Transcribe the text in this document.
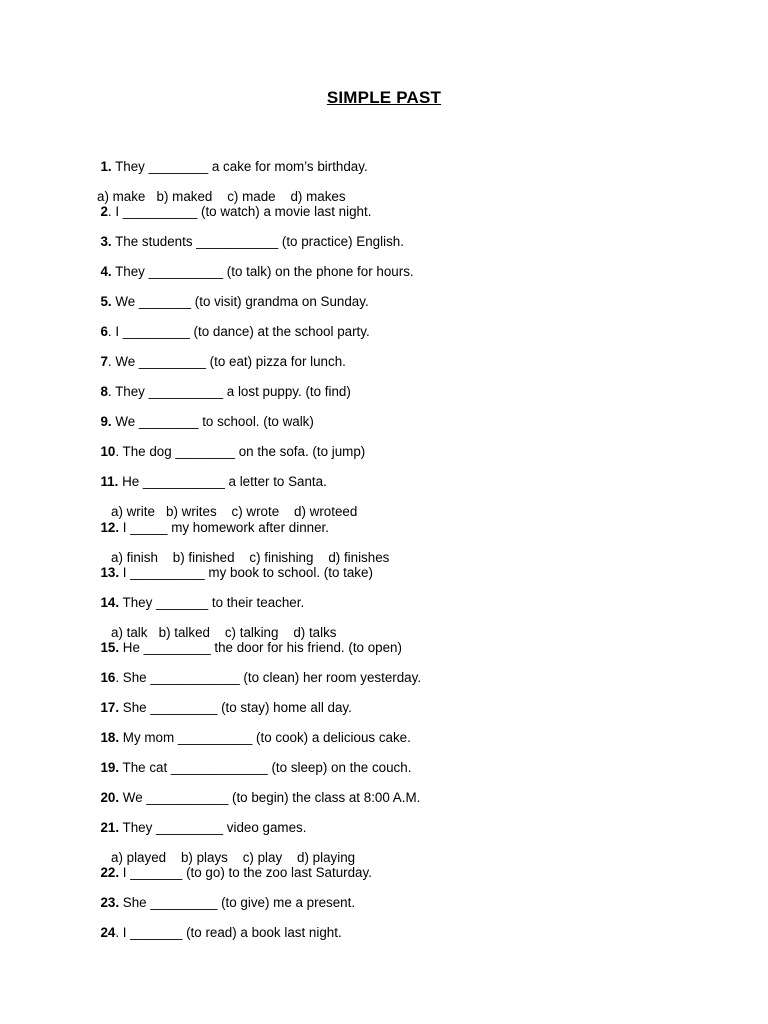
SIMPLE PAST

1. They ________ a cake for mom’s birthday.

a) make   b) maked    c) made    d) makes

2. I __________ (to watch) a movie last night.

3. The students ___________ (to practice) English.

4. They __________ (to talk) on the phone for hours.

5. We _______ (to visit) grandma on Sunday.

6. I _________ (to dance) at the school party.

7. We _________ (to eat) pizza for lunch.

8. They __________ a lost puppy. (to find)

9. We ________ to school. (to walk)

10. The dog ________ on the sofa. (to jump)

11. He ___________ a letter to Santa.

a) write   b) writes    c) wrote    d) wroteed

12. I _____ my homework after dinner.

a) finish    b) finished    c) finishing    d) finishes

13. I __________ my book to school. (to take)

14. They _______ to their teacher.

a) talk   b) talked    c) talking    d) talks

15. He _________ the door for his friend. (to open)

16. She ____________ (to clean) her room yesterday.

17. She _________ (to stay) home all day.

18. My mom __________ (to cook) a delicious cake.

19. The cat _____________ (to sleep) on the couch.

20. We ___________ (to begin) the class at 8:00 A.M.

21. They _________ video games.

a) played    b) plays    c) play    d) playing

22. I _______ (to go) to the zoo last Saturday.

23. She _________ (to give) me a present.

24. I _______ (to read) a book last night.
